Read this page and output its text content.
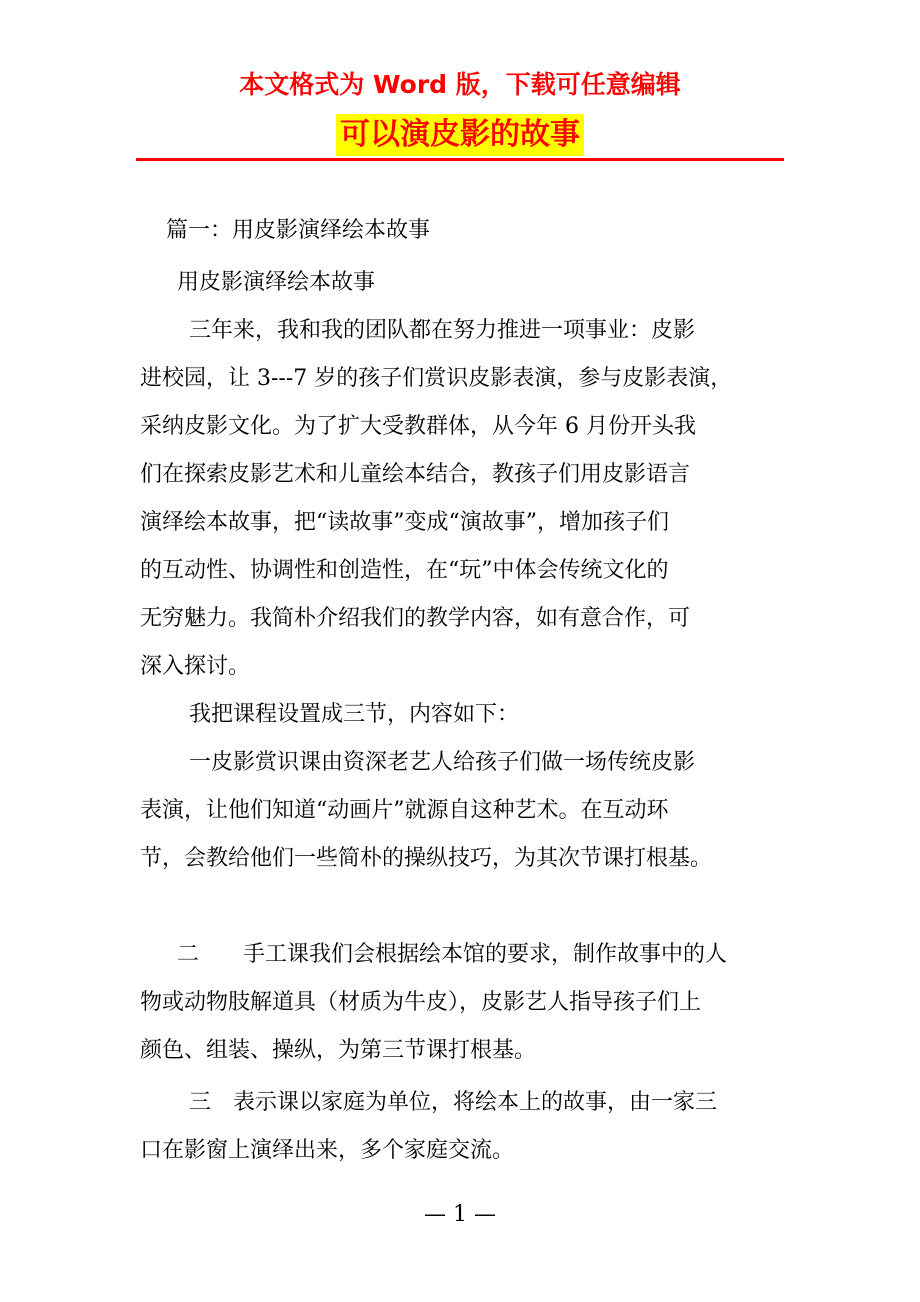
本文格式为 Word 版，下载可任意编辑
可以演皮影的故事
篇一：用皮影演绎绘本故事
用皮影演绎绘本故事
三年来，我和我的团队都在努力推进一项事业：皮影
进校园，让 3---7 岁的孩子们赏识皮影表演，参与皮影表演，
采纳皮影文化。为了扩大受教群体，从今年 6 月份开头我
们在探索皮影艺术和儿童绘本结合，教孩子们用皮影语言
演绎绘本故事，把“读故事”变成“演故事”，增加孩子们
的互动性、协调性和创造性，在“玩”中体会传统文化的
无穷魅力。我简朴介绍我们的教学内容，如有意合作，可
深入探讨。
我把课程设置成三节，内容如下：
一皮影赏识课由资深老艺人给孩子们做一场传统皮影
表演，让他们知道“动画片”就源自这种艺术。在互动环
节，会教给他们一些简朴的操纵技巧，为其次节课打根基。
二　　手工课我们会根据绘本馆的要求，制作故事中的人
物或动物肢解道具（材质为牛皮），皮影艺人指导孩子们上
颜色、组装、操纵，为第三节课打根基。
三　表示课以家庭为单位，将绘本上的故事，由一家三
口在影窗上演绎出来，多个家庭交流。
— 1 —
